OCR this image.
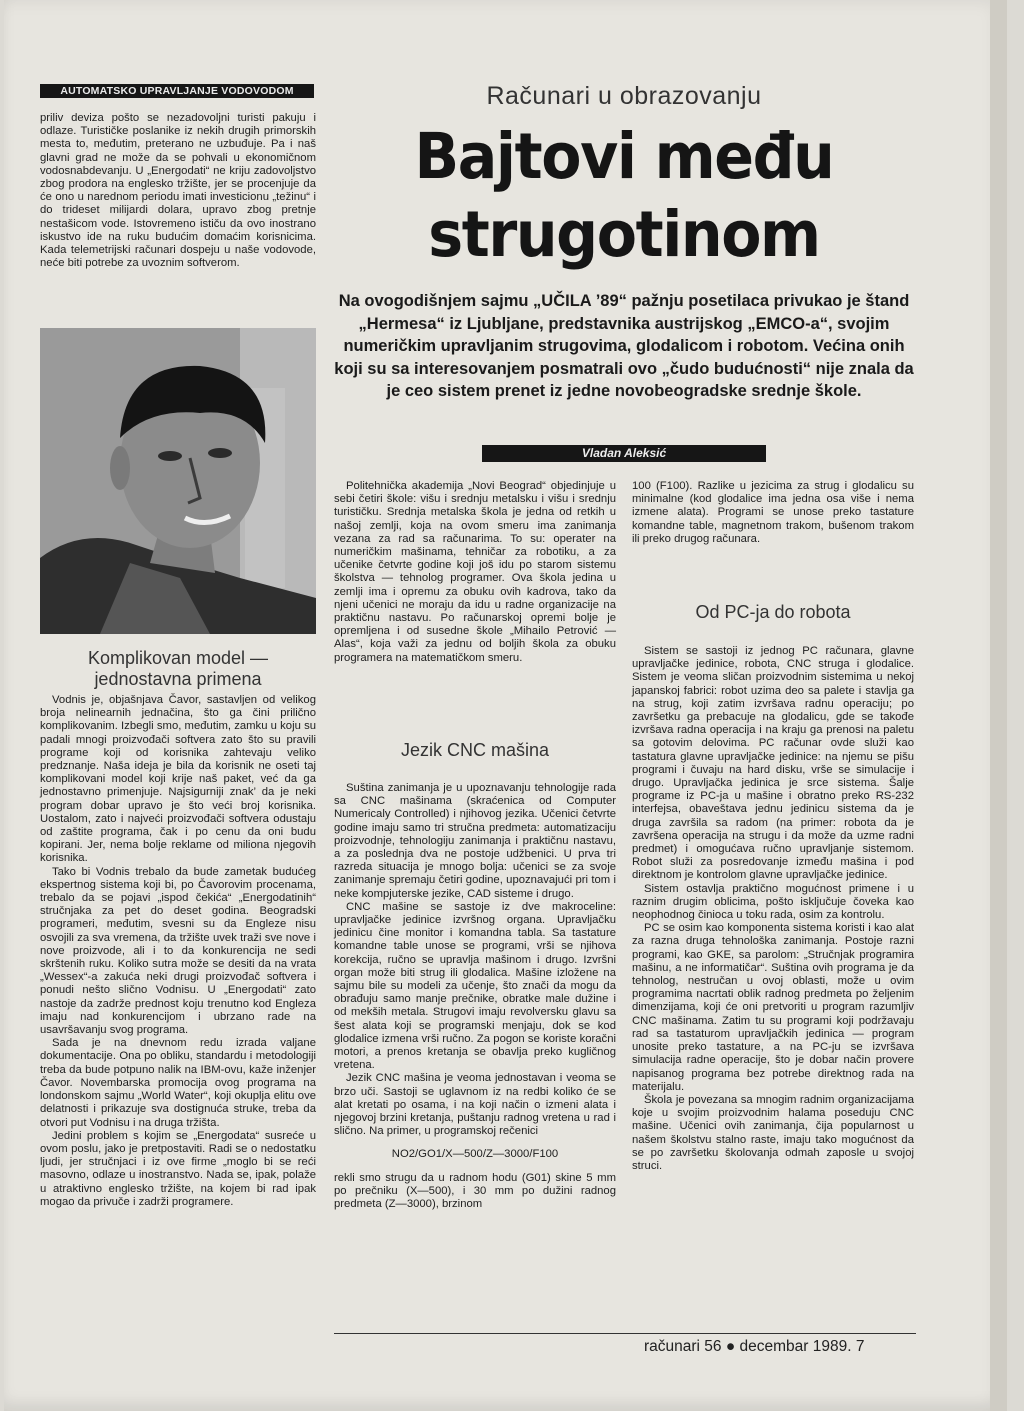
AUTOMATSKO UPRAVLJANJE VODOVODOM

priliv deviza pošto se nezadovoljni turisti pakuju i odlaze. Turističke poslanike iz nekih drugih primorskih mesta to, međutim, preterano ne uzbuđuje. Pa i naš glavni grad ne može da se pohvali u ekonomičnom vodosnabdevanju. U „Energodati“ ne kriju zadovoljstvo zbog prodora na englesko tržište, jer se procenjuje da će ono u narednom periodu imati investicionu „težinu“ i do trideset milijardi dolara, upravo zbog pretnje nestašicom vode. Istovremeno ističu da ovo inostrano iskustvo ide na ruku budućim domaćim korisnicima. Kada telemetrijski računari dospeju u naše vodovode, neće biti potrebe za uvoznim softverom.

Komplikovan model — jednostavna primena

Vodnis je, objašnjava Čavor, sastavljen od velikog broja nelinearnih jednačina, što ga čini prilično komplikovanim. Izbegli smo, međutim, zamku u koju su padali mnogi proizvođači softvera zato što su pravili programe koji od korisnika zahtevaju veliko predznanje. Naša ideja je bila da korisnik ne oseti taj komplikovani model koji krije naš paket, već da ga jednostavno primenjuje. Najsigurniji znak’ da je neki program dobar upravo je što veći broj korisnika. Uostalom, zato i najveći proizvođači softvera odustaju od zaštite programa, čak i po cenu da oni budu kopirani. Jer, nema bolje reklame od miliona njegovih korisnika.

Tako bi Vodnis trebalo da bude zametak budućeg ekspertnog sistema koji bi, po Čavorovim procenama, trebalo da se pojavi „ispod čekića“ „Energodatinih“ stručnjaka za pet do deset godina. Beogradski programeri, međutim, svesni su da Engleze nisu osvojili za sva vremena, da tržište uvek traži sve nove i nove proizvode, ali i to da konkurencija ne sedi skrštenih ruku. Koliko sutra može se desiti da na vrata „Wessex“-a zakuća neki drugi proizvođač softvera i ponudi nešto slično Vodnisu. U „Energodati“ zato nastoje da zadrže prednost koju trenutno kod Engleza imaju nad konkurencijom i ubrzano rade na usavršavanju svog programa.

Sada je na dnevnom redu izrada valjane dokumentacije. Ona po obliku, standardu i metodologiji treba da bude potpuno nalik na IBM-ovu, kaže inženjer Čavor. Novembarska promocija ovog programa na londonskom sajmu „World Water“, koji okuplja elitu ove delatnosti i prikazuje sva dostignuća struke, treba da otvori put Vodnisu i na druga tržišta.

Jedini problem s kojim se „Energodata“ susreće u ovom poslu, jako je pretpostaviti. Radi se o nedostatku ljudi, jer stručnjaci i iz ove firme „moglo bi se reći masovno, odlaze u inostranstvo. Nada se, ipak, polaže u atraktivno englesko tržište, na kojem bi rad ipak mogao da privuče i zadrži programere.

Računari u obrazovanju
Bajtovi među
strugotinom
Na ovogodišnjem sajmu „UČILA ’89“ pažnju posetilaca privukao je štand „Hermesa“ iz Ljubljane, predstavnika austrijskog „EMCO-a“, svojim numeričkim upravljanim strugovima, glodalicom i robotom. Većina onih koji su sa interesovanjem posmatrali ovo „čudo budućnosti“ nije znala da je ceo sistem prenet iz jedne novobeogradske srednje škole.
Vladan Aleksić

Politehnička akademija „Novi Beograd“ objedinjuje u sebi četiri škole: višu i srednju metalsku i višu i srednju turističku. Srednja metalska škola je jedna od retkih u našoj zemlji, koja na ovom smeru ima zanimanja vezana za rad sa računarima. To su: operater na numeričkim mašinama, tehničar za robotiku, a za učenike četvrte godine koji još idu po starom sistemu školstva — tehnolog programer. Ova škola jedina u zemlji ima i opremu za obuku ovih kadrova, tako da njeni učenici ne moraju da idu u radne organizacije na praktičnu nastavu. Po računarskoj opremi bolje je opremljena i od susedne škole „Mihailo Petrović — Alas“, koja važi za jednu od boljih škola za obuku programera na matematičkom smeru.

Jezik CNC mašina

Suština zanimanja je u upoznavanju tehnologije rada sa CNC mašinama (skraćenica od Computer Numericaly Controlled) i njihovog jezika. Učenici četvrte godine imaju samo tri stručna predmeta: automatizaciju proizvodnje, tehnologiju zanimanja i praktičnu nastavu, a za poslednja dva ne postoje udžbenici. U prva tri razreda situacija je mnogo bolja: učenici se za svoje zanimanje spremaju četiri godine, upoznavajući pri tom i neke kompjuterske jezike, CAD sisteme i drugo.

CNC mašine se sastoje iz dve makroceline: upravljačke jedinice izvršnog organa. Upravljačku jedinicu čine monitor i komandna tabla. Sa tastature komandne table unose se programi, vrši se njihova korekcija, ručno se upravlja mašinom i drugo. Izvršni organ može biti strug ili glodalica. Mašine izložene na sajmu bile su modeli za učenje, što znači da mogu da obrađuju samo manje prečnike, obratke male dužine i od mekših metala. Strugovi imaju revolversku glavu sa šest alata koji se programski menjaju, dok se kod glodalice izmena vrši ručno. Za pogon se koriste koračni motori, a prenos kretanja se obavlja preko kugličnog vretena.

Jezik CNC mašina je veoma jednostavan i veoma se brzo uči. Sastoji se uglavnom iz na redbi koliko će se alat kretati po osama, i na koji način o izmeni alata i njegovoj brzini kretanja, puštanju radnog vretena u rad i slično. Na primer, u programskoj rečenici

NO2/GO1/X—500/Z—3000/F100

rekli smo strugu da u radnom hodu (G01) skine 5 mm po prečniku (X—500), i 30 mm po dužini radnog predmeta (Z—3000), brzinom

100 (F100). Razlike u jezicima za strug i glodalicu su minimalne (kod glodalice ima jedna osa više i nema izmene alata). Programi se unose preko tastature komandne table, magnetnom trakom, bušenom trakom ili preko drugog računara.

Od PC-ja do robota

Sistem se sastoji iz jednog PC računara, glavne upravljačke jedinice, robota, CNC struga i glodalice. Sistem je veoma sličan proizvodnim sistemima u nekoj japanskoj fabrici: robot uzima deo sa palete i stavlja ga na strug, koji zatim izvršava radnu operaciju; po završetku ga prebacuje na glodalicu, gde se takođe izvršava radna operacija i na kraju ga prenosi na paletu sa gotovim delovima. PC računar ovde služi kao tastatura glavne upravljačke jedinice: na njemu se pišu programi i čuvaju na hard disku, vrše se simulacije i drugo. Upravljačka jedinica je srce sistema. Šalje programe iz PC-ja u mašine i obratno preko RS-232 interfejsa, obaveštava jednu jedinicu sistema da je druga završila sa radom (na primer: robota da je završena operacija na strugu i da može da uzme radni predmet) i omogućava ručno upravljanje sistemom. Robot služi za posredovanje između mašina i pod direktnom je kontrolom glavne upravljačke jedinice.

Sistem ostavlja praktično mogućnost primene i u raznim drugim oblicima, pošto isključuje čoveka kao neophodnog činioca u toku rada, osim za kontrolu.

PC se osim kao komponenta sistema koristi i kao alat za razna druga tehnološka zanimanja. Postoje razni programi, kao GKE, sa parolom: „Stručnjak programira mašinu, a ne informatičar“. Suština ovih programa je da tehnolog, nestručan u ovoj oblasti, može u ovim programima nacrtati oblik radnog predmeta po željenim dimenzijama, koji će oni pretvoriti u program razumljiv CNC mašinama. Zatim tu su programi koji podržavaju rad sa tastaturom upravljačkih jedinica — program unosite preko tastature, a na PC-ju se izvršava simulacija radne operacije, što je dobar način provere napisanog programa bez potrebe direktnog rada na materijalu.

Škola je povezana sa mnogim radnim organizacijama koje u svojim proizvodnim halama poseduju CNC mašine. Učenici ovih zanimanja, čija popularnost u našem školstvu stalno raste, imaju tako mogućnost da se po završetku školovanja odmah zaposle u svojoj struci.

računari 56 ● decembar 1989. 7
